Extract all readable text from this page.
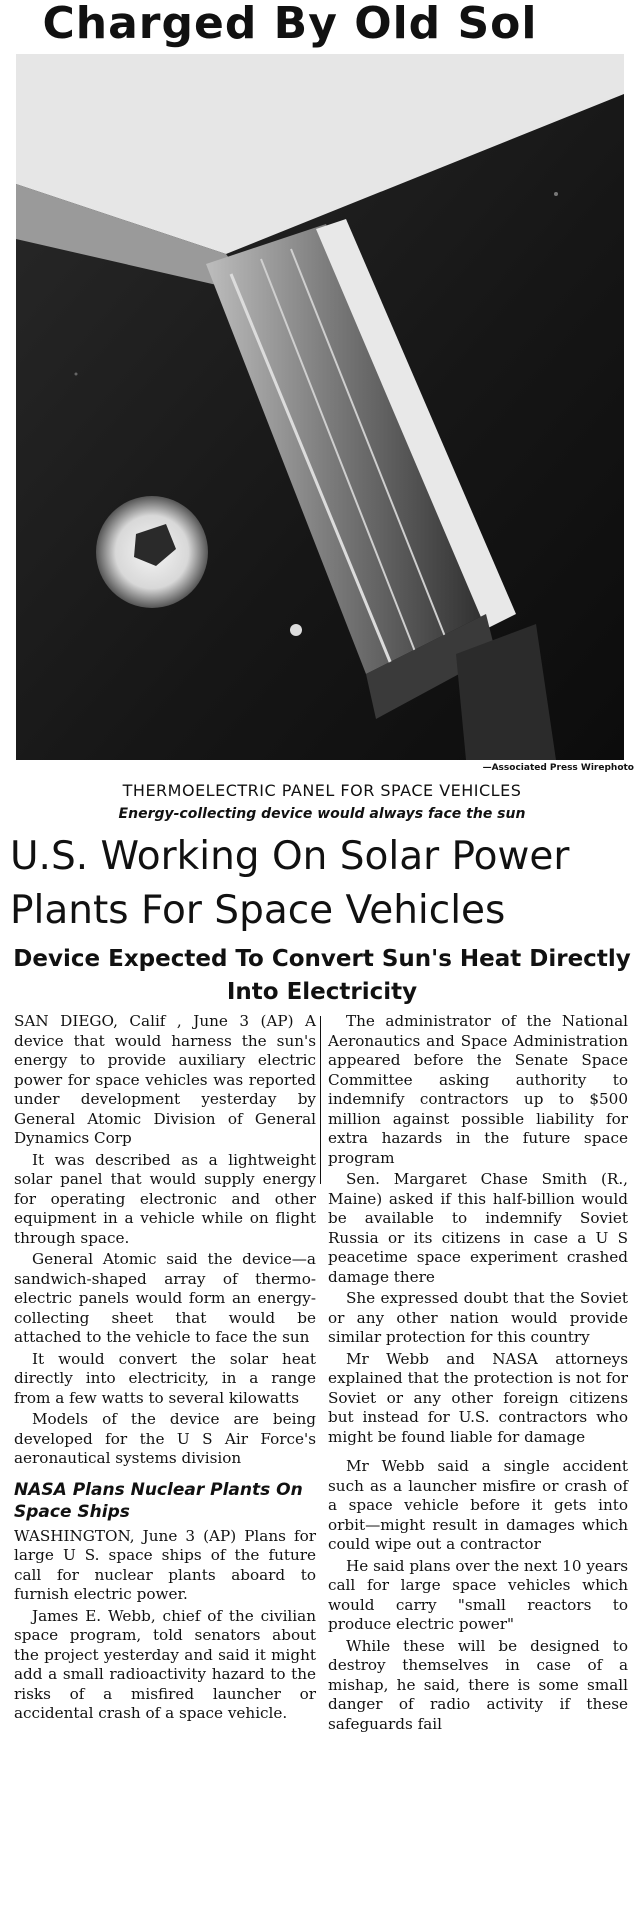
Charged By Old Sol
—Associated Press Wirephoto
THERMOELECTRIC PANEL FOR SPACE VEHICLES
Energy-collecting device would always face the sun
U.S. Working On Solar Power Plants For Space Vehicles
Device Expected To Convert Sun's Heat Directly Into Electricity

SAN DIEGO, Calif , June 3 (AP) A device that would harness the sun's energy to provide auxiliary electric power for space vehicles was reported under development yesterday by General Atomic Division of General Dynamics Corp

It was described as a lightweight solar panel that would supply energy for operating electronic and other equipment in a vehicle while on flight through space.

General Atomic said the device—a sandwich-shaped array of thermo-electric panels would form an energy-collecting sheet that would be attached to the vehicle to face the sun

It would convert the solar heat directly into electricity, in a range from a few watts to several kilowatts

Models of the device are being developed for the U S Air Force's aeronautical systems division

NASA Plans Nuclear Plants On Space Ships

WASHINGTON, June 3 (AP) Plans for large U S. space ships of the future call for nuclear plants aboard to furnish electric power.

James E. Webb, chief of the civilian space program, told senators about the project yesterday and said it might add a small radioactivity hazard to the risks of a misfired launcher or accidental crash of a space vehicle.

The administrator of the National Aeronautics and Space Administration appeared before the Senate Space Committee asking authority to indemnify contractors up to $500 million against possible liability for extra hazards in the future space program

Sen. Margaret Chase Smith (R., Maine) asked if this half-billion would be available to indemnify Soviet Russia or its citizens in case a U S peacetime space experiment crashed damage there

She expressed doubt that the Soviet or any other nation would provide similar protection for this country

Mr Webb and NASA attorneys explained that the protection is not for Soviet or any other foreign citizens but instead for U.S. contractors who might be found liable for damage

Mr Webb said a single accident such as a launcher misfire or crash of a space vehicle before it gets into orbit—might result in damages which could wipe out a contractor

He said plans over the next 10 years call for large space vehicles which would carry "small reactors to produce electric power"

While these will be designed to destroy themselves in case of a mishap, he said, there is some small danger of radio activity if these safeguards fail
